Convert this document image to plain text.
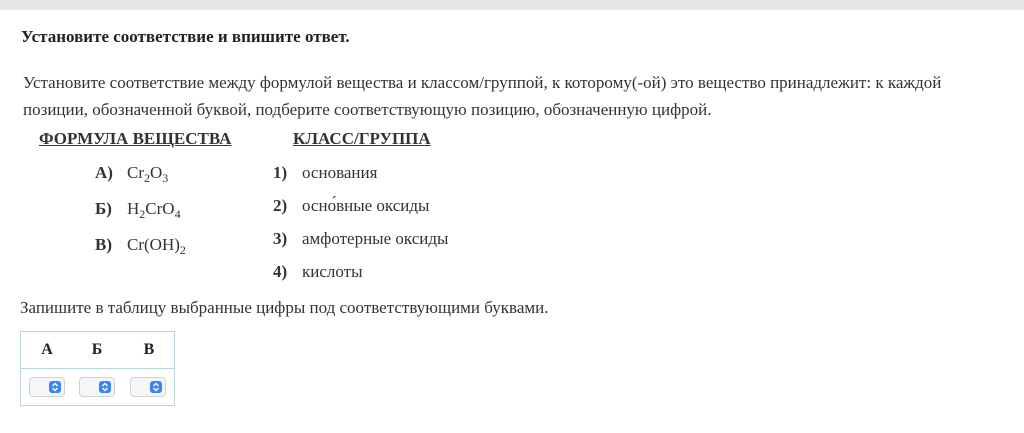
Установите соответствие и впишите ответ.
Установите соответствие между формулой вещества и классом/группой, к которому(-ой) это вещество принадлежит: к каждой позиции, обозначенной буквой, подберите соответствующую позицию, обозначенную цифрой.
ФОРМУЛА ВЕЩЕСТВА	КЛАСС/ГРУППА
А) $Cr_2O_3$
Б) $H_2CrO_4$
В) $Cr(OH)_2$
1) основания
2) осно́вные оксиды
3) амфотерные оксиды
4) кислоты
Запишите в таблицу выбранные цифры под соответствующими буквами.
А Б	В
